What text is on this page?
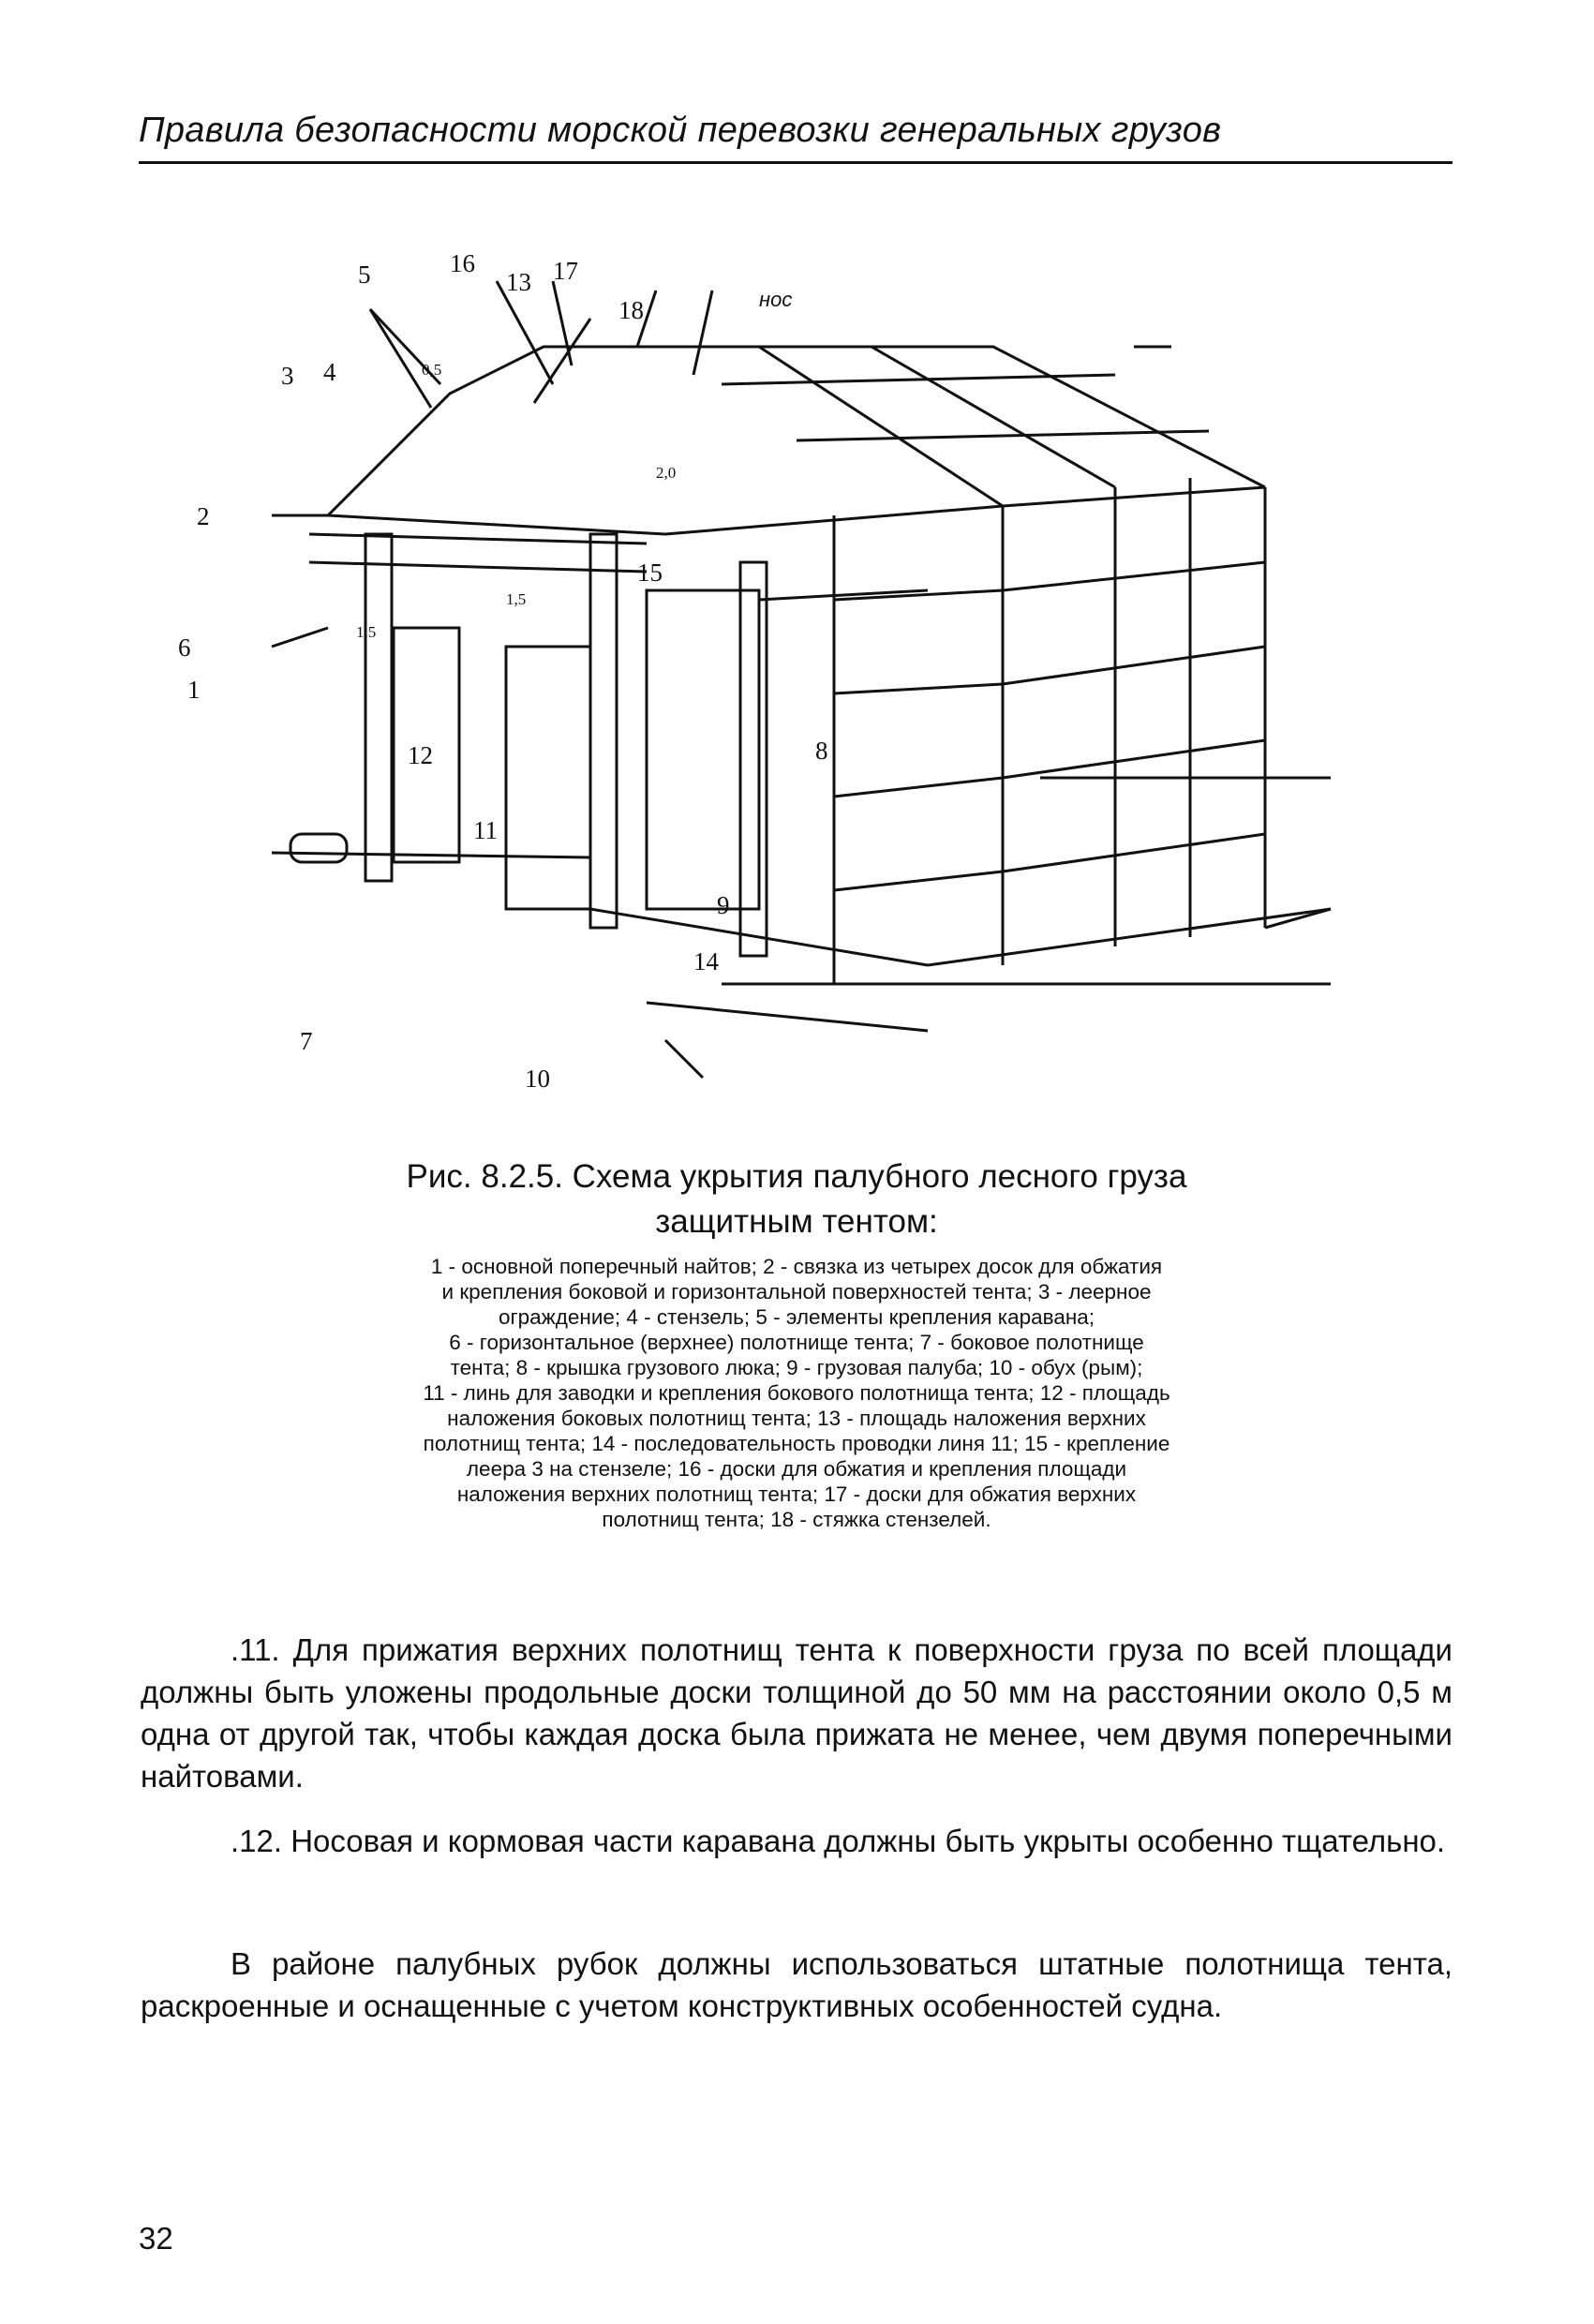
Правила безопасности морской перевозки генеральных грузов
5	16
13 17
18
3 4
2
15
6
1
12
11
8
9
14
7
10
нос
0,5
2,0
1,5
1,5
Рис. 8.2.5. Схема укрытия палубного лесного груза
защитным тентом:
1 - основной поперечный найтов; 2 - связка из четырех досок для обжатия
и крепления боковой и горизонтальной поверхностей тента; 3 - леерное
ограждение; 4 - стензель; 5 - элементы крепления каравана;
6 - горизонтальное (верхнее) полотнище тента; 7 - боковое полотнище
тента; 8 - крышка грузового люка; 9 - грузовая палуба; 10 - обух (рым);
11 - линь для заводки и крепления бокового полотнища тента; 12 - площадь
наложения боковых полотнищ тента; 13 - площадь наложения верхних
полотнищ тента; 14 - последовательность проводки линя 11; 15 - крепление
леера 3 на стензеле; 16 - доски для обжатия и крепления площади
наложения верхних полотнищ тента; 17 - доски для обжатия верхних
полотнищ тента; 18 - стяжка стензелей.
.11. Для прижатия верхних полотнищ тента к поверхности груза по всей площади должны быть уложены продольные доски толщиной до 50 мм на расстоянии около 0,5 м одна от другой так, чтобы каждая доска была прижата не менее, чем двумя поперечными найтовами.
.12. Носовая и кормовая части каравана должны быть укрыты особенно тщательно.
В районе палубных рубок должны использоваться штатные полотнища тента, раскроенные и оснащенные с учетом конструктивных особенностей судна.
32
